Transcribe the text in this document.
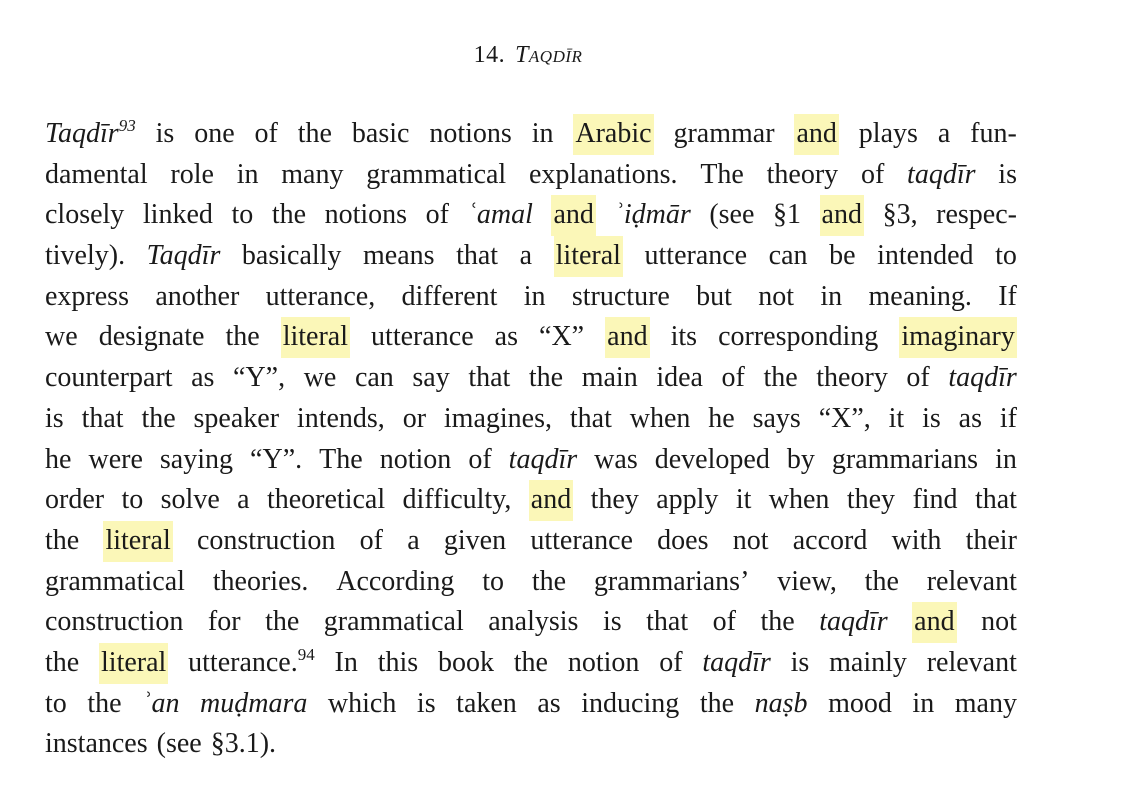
14. Taqdīr
Taqdīr$^{93}$ is one of the basic notions in Arabic grammar and plays a fun-
damental role in many grammatical explanations. The theory of taqdīr is
closely linked to the notions of ʿamal and ʾiḍmār (see §1 and §3, respec-
tively). Taqdīr basically means that a literal utterance can be intended to
express another utterance, different in structure but not in meaning. If
we designate the literal utterance as “X” and its corresponding imaginary
counterpart as “Y”, we can say that the main idea of the theory of taqdīr
is that the speaker intends, or imagines, that when he says “X”, it is as if
he were saying “Y”. The notion of taqdīr was developed by grammarians in
order to solve a theoretical difficulty, and they apply it when they find that
the literal construction of a given utterance does not accord with their
grammatical theories. According to the grammarians’ view, the relevant
construction for the grammatical analysis is that of the taqdīr and not
the literal utterance.$^{94}$ In this book the notion of taqdīr is mainly relevant
to the ʾan muḍmara which is taken as inducing the naṣb mood in many
instances (see §3.1).
